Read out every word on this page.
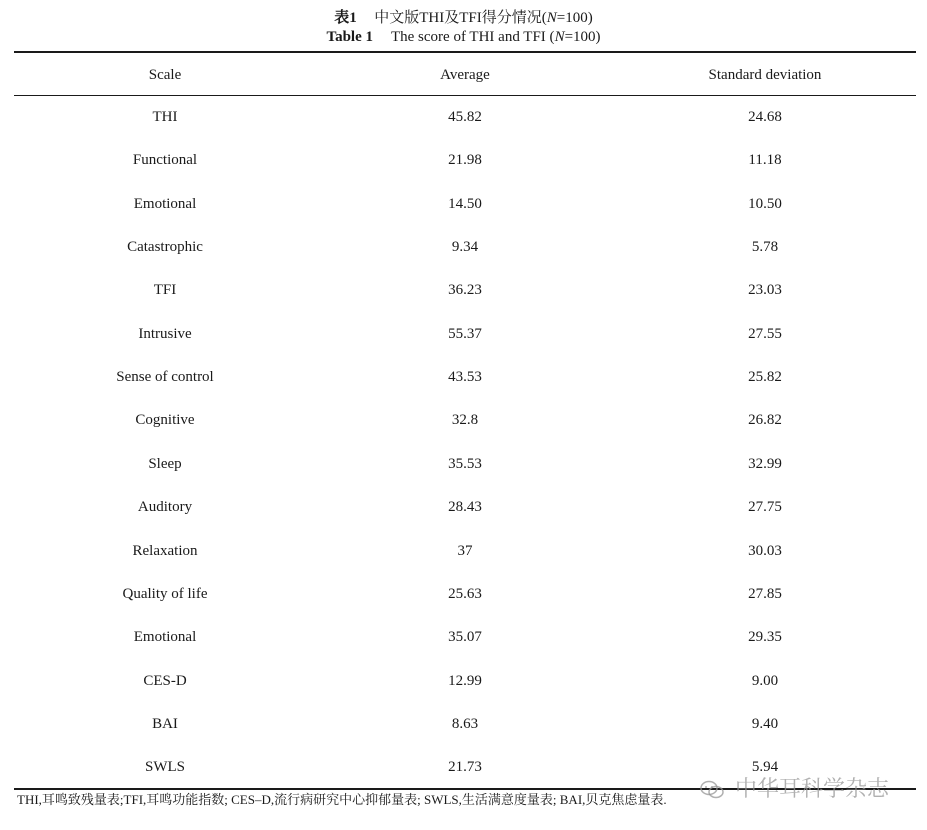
表1 中文版THI及TFI得分情况(N=100)
Table 1 The score of THI and TFI (N=100)
Scale	Average	Standard deviation
THI	45.82	24.68
Functional	21.98	11.18
Emotional	14.50	10.50
Catastrophic	9.34	5.78
TFI	36.23	23.03
Intrusive	55.37	27.55
Sense of control	43.53	25.82
Cognitive	32.8	26.82
Sleep	35.53	32.99
Auditory	28.43	27.75
Relaxation	37	30.03
Quality of life	25.63	27.85
Emotional	35.07	29.35
CES-D	12.99	9.00
BAI	8.63	9.40
SWLS	21.73	5.94
THI,耳鸣致残量表;TFI,耳鸣功能指数; CES–D,流行病研究中心抑郁量表; SWLS,生活满意度量表; BAI,贝克焦虑量表.	中华耳科学杂志
